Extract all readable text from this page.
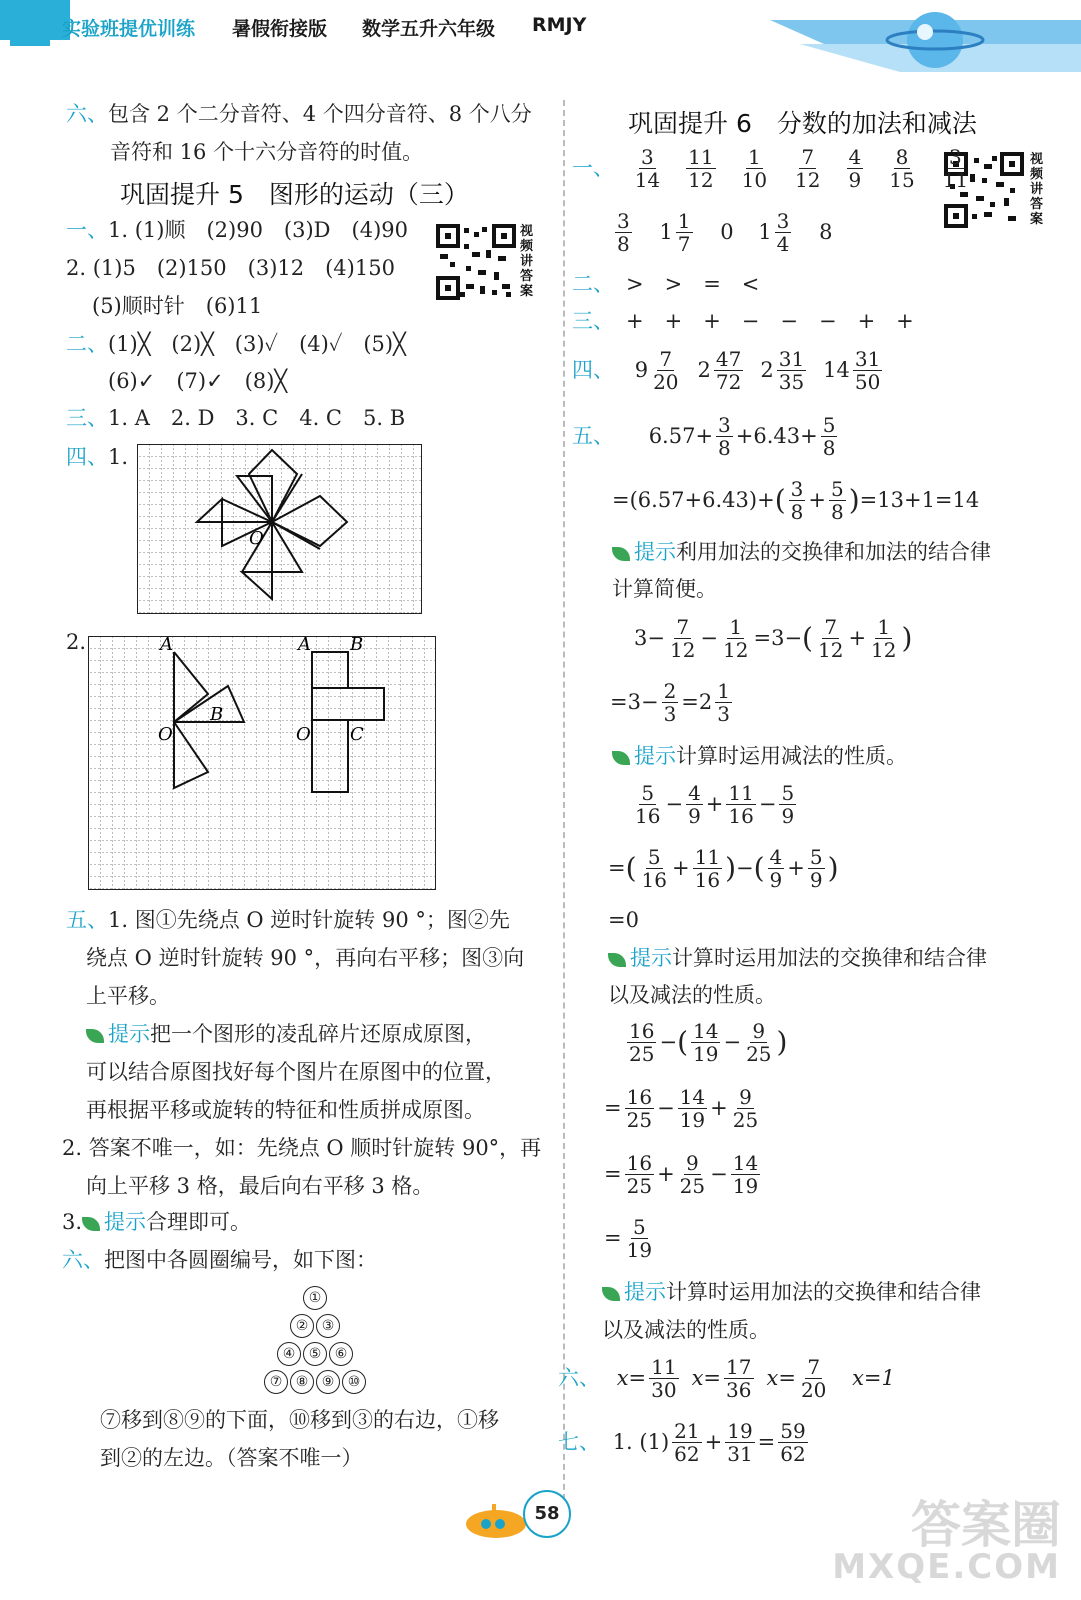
实验班提优训练 暑假衔接版 数学五升六年级 RMJY
六、包含 2 个二分音符、4 个四分音符、8 个八分
音符和 16 个十六分音符的时值。
巩固提升 5　图形的运动（三）
视频讲答案
一、1. (1)顺　(2)90　(3)D　(4)90
2. (1)5　(2)150　(3)12　(4)150
(5)顺时针　(6)11
二、(1)╳　(2)╳　(3)✓　(4)✓　(5)╳
(6)✓　(7)✓　(8)╳
三、1. A　2. D　3. C　4. C　5. B
四、1.
O
2.	A
B
O
A B
O C
五、1. 图①先绕点 O 逆时针旋转 90 °；图②先
绕点 O 逆时针旋转 90 °，再向右平移；图③向
上平移。
提示把一个图形的凌乱碎片还原成原图，
可以结合原图找好每个图片在原图中的位置，
再根据平移或旋转的特征和性质拼成原图。
2. 答案不唯一，如：先绕点 O 顺时针旋转 90°，再
向上平移 3 格，最后向右平移 3 格。
3. 提示合理即可。
六、把图中各圆圈编号，如下图：
①
② ③
④ ⑤ ⑥
⑦ ⑧ ⑨ ⑩
⑦移到⑧⑨的下面，⑩移到③的右边，①移
到②的左边。（答案不唯一）
巩固提升 6　分数的加法和减法
视频讲答案
一、 $\frac{3}{14} \frac{11}{12} \frac{1}{10} \frac{7}{12} \frac{4}{9} \frac{8}{15} \frac{3}{11}$
$\frac{3}{8} 1 \frac{1}{7} 0$ $1 \frac{3}{4} 8$
二、 >　>　=　<
三、 +　+　+　−　−　−　+　+
四、 $9 \frac{7}{20} 2 \frac{47}{72} 2 \frac{31}{35} 14 \frac{31}{50}$
五、 $6.57+ \frac{3}{8} +6.43+ \frac{5}{8}$
$=(6.57+6.43)+( \frac{3}{8} + \frac{5}{8} )=13+1=14$
提示利用加法的交换律和加法的结合律
计算简便。
$3- \frac{7}{12} - \frac{1}{12} =3-( \frac{7}{12} + \frac{1}{12}$ )
$=3- \frac{2}{3} =2 \frac{1}{3}$
提示计算时运用减法的性质。
$\frac{5}{16} - \frac{4}{9} + \frac{11}{16} - \frac{5}{9}$
=( $\frac{5}{16} + \frac{11}{16}$ )−( $\frac{4}{9} + \frac{5}{9}$ )
=0
提示计算时运用加法的交换律和结合律
以及减法的性质。
$\frac{16}{25}$ −( $\frac{14}{19} - \frac{9}{25}$ )
= $\frac{16}{25} - \frac{14}{19} + \frac{9}{25}$
= $\frac{16}{25} + \frac{9}{25} - \frac{14}{19}$
= $\frac{5}{19}$
提示计算时运用加法的交换律和结合律
以及减法的性质。
六、 $x= \frac{11}{30} x= \frac{17}{36} x= \frac{7}{20} x=1$
七、 1. $(1) \frac{21}{62} + \frac{19}{31} = \frac{59}{62}$
58	答案圈
MXQE.COM
